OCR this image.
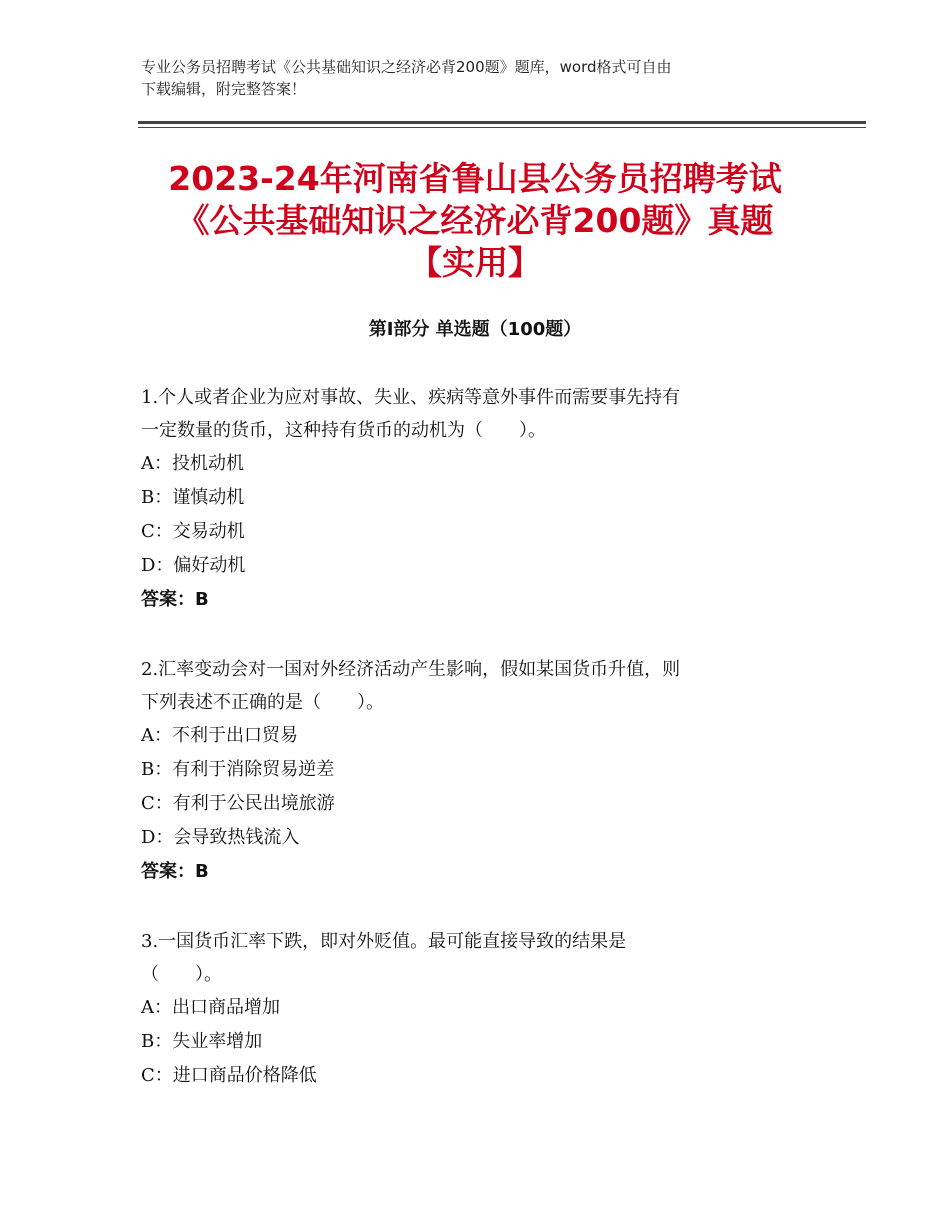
专业公务员招聘考试《公共基础知识之经济必背200题》题库，word格式可自由
下载编辑，附完整答案！
2023-24年河南省鲁山县公务员招聘考试
《公共基础知识之经济必背200题》真题
【实用】
第Ⅰ部分 单选题（100题）

1.个人或者企业为应对事故、失业、疾病等意外事件而需要事先持有

一定数量的货币，这种持有货币的动机为（　　）。

A：投机动机

B：谨慎动机

C：交易动机

D：偏好动机

答案：B

2.汇率变动会对一国对外经济活动产生影响，假如某国货币升值，则

下列表述不正确的是（　　）。

A：不利于出口贸易

B：有利于消除贸易逆差

C：有利于公民出境旅游

D：会导致热钱流入

答案：B

3.一国货币汇率下跌，即对外贬值。最可能直接导致的结果是

（　　）。

A：出口商品增加

B：失业率增加

C：进口商品价格降低
